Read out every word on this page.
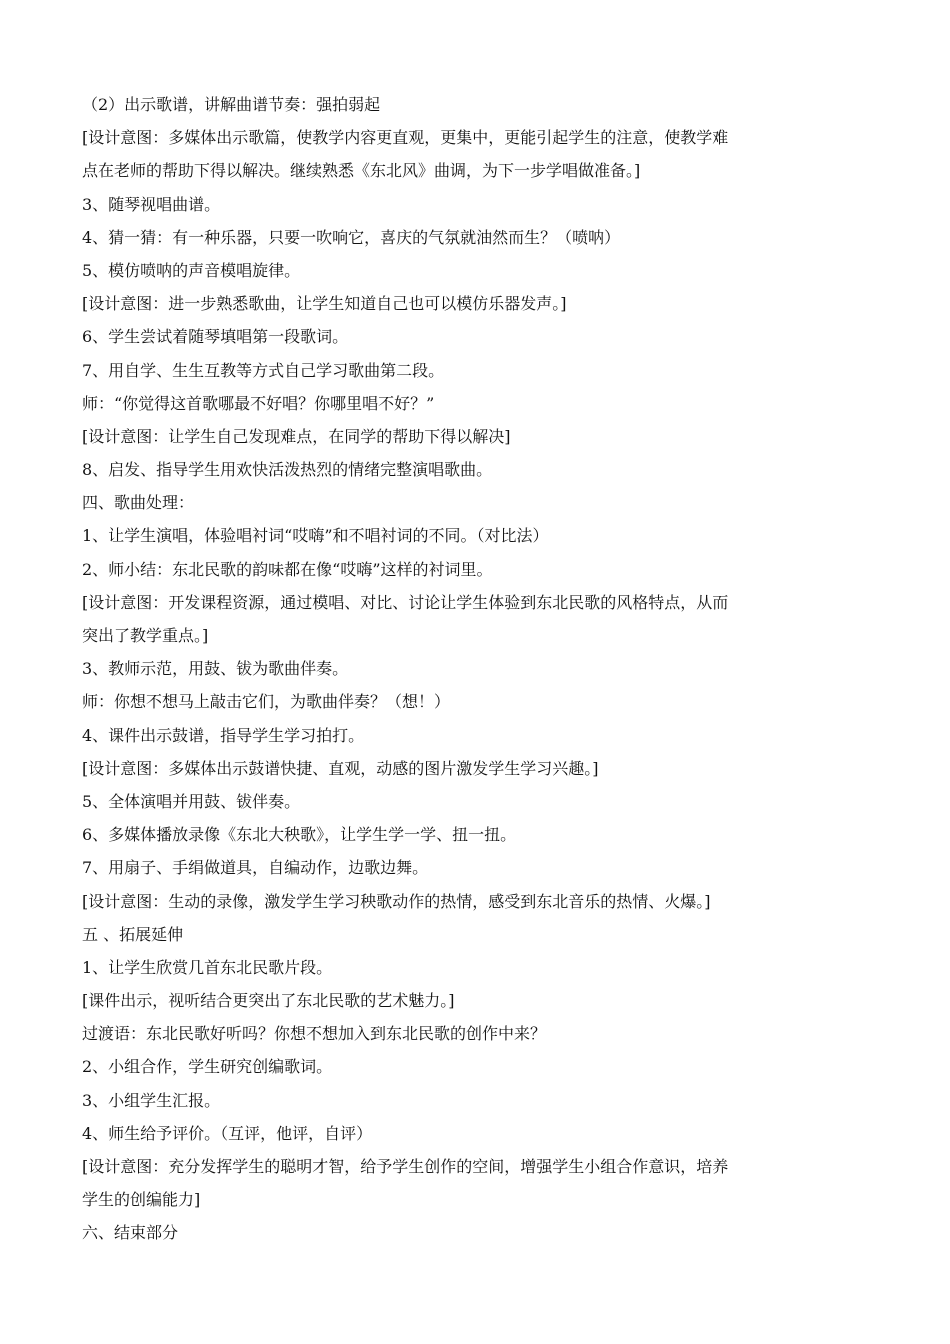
（2）出示歌谱，讲解曲谱节奏：强拍弱起
[设计意图：多媒体出示歌篇，使教学内容更直观，更集中，更能引起学生的注意，使教学难
点在老师的帮助下得以解决。继续熟悉《东北风》曲调，为下一步学唱做准备。]
3、随琴视唱曲谱。
4、猜一猜：有一种乐器，只要一吹响它，喜庆的气氛就油然而生？（喷呐）
5、模仿喷呐的声音模唱旋律。
[设计意图：进一步熟悉歌曲，让学生知道自己也可以模仿乐器发声。]
6、学生尝试着随琴填唱第一段歌词。
7、用自学、生生互教等方式自己学习歌曲第二段。
师：“你觉得这首歌哪最不好唱？你哪里唱不好？”
[设计意图：让学生自己发现难点，在同学的帮助下得以解决]
8、启发、指导学生用欢快活泼热烈的情绪完整演唱歌曲。
四、歌曲处理：
1、让学生演唱，体验唱衬词“哎嗨”和不唱衬词的不同。（对比法）
2、师小结：东北民歌的韵味都在像“哎嗨”这样的衬词里。
[设计意图：开发课程资源，通过模唱、对比、讨论让学生体验到东北民歌的风格特点，从而
突出了教学重点。]
3、教师示范，用鼓、钹为歌曲伴奏。
师：你想不想马上敲击它们，为歌曲伴奏？（想！）
4、课件出示鼓谱，指导学生学习拍打。
[设计意图：多媒体出示鼓谱快捷、直观，动感的图片激发学生学习兴趣。]
5、全体演唱并用鼓、钹伴奏。
6、多媒体播放录像《东北大秧歌》，让学生学一学、扭一扭。
7、用扇子、手绢做道具，自编动作，边歌边舞。
[设计意图：生动的录像，激发学生学习秧歌动作的热情，感受到东北音乐的热情、火爆。]
五 、拓展延伸
1、让学生欣赏几首东北民歌片段。
[课件出示，视听结合更突出了东北民歌的艺术魅力。]
过渡语：东北民歌好听吗？你想不想加入到东北民歌的创作中来？
2、小组合作，学生研究创编歌词。
3、小组学生汇报。
4、师生给予评价。（互评，他评，自评）
[设计意图：充分发挥学生的聪明才智，给予学生创作的空间，增强学生小组合作意识，培养
学生的创编能力]
六、结束部分
